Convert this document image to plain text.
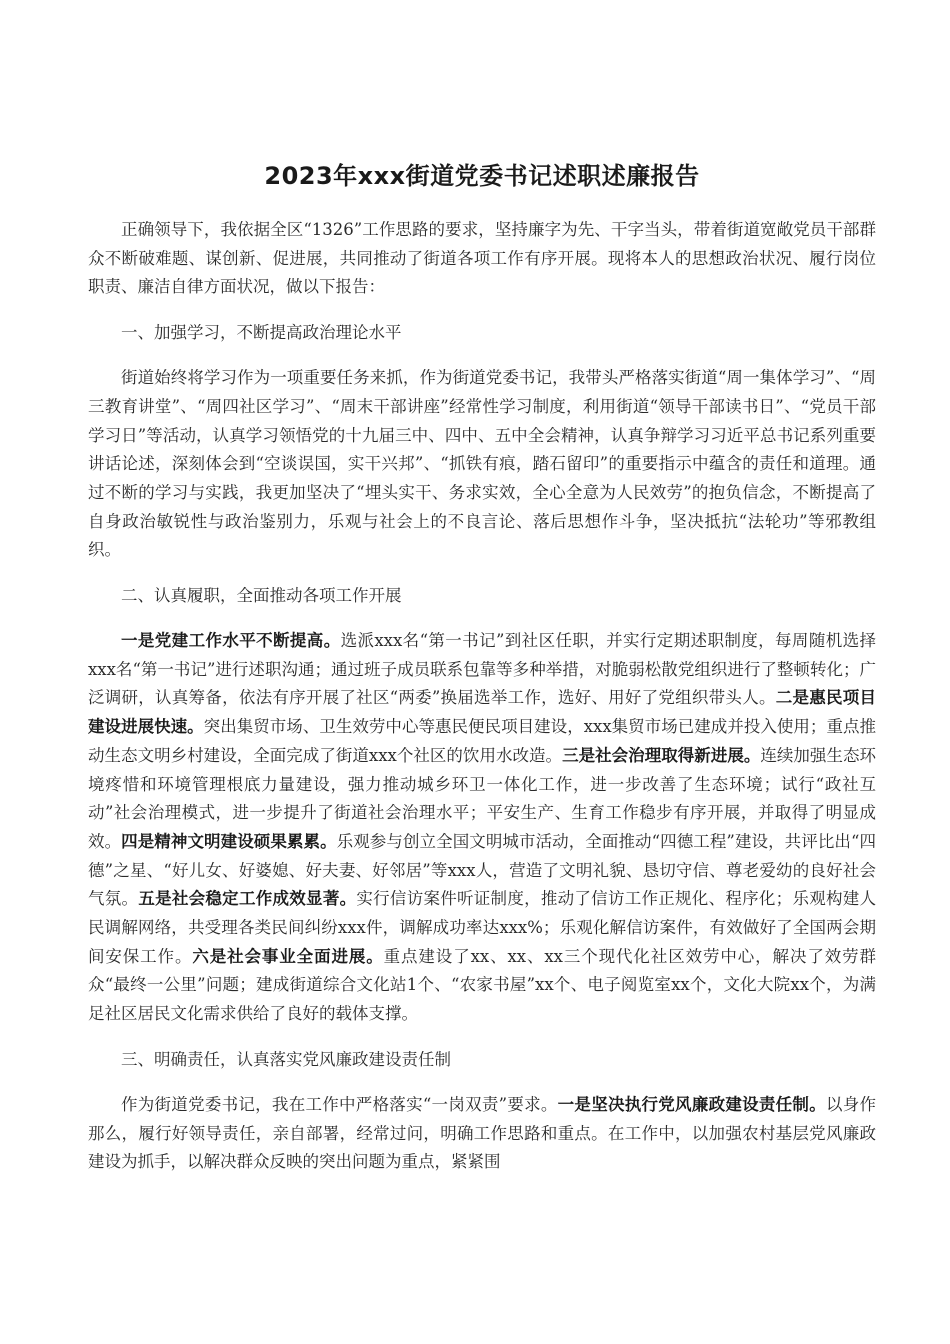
2023年xxx街道党委书记述职述廉报告

正确领导下，我依据全区“1326”工作思路的要求，坚持廉字为先、干字当头，带着街道宽敞党员干部群众不断破难题、谋创新、促进展，共同推动了街道各项工作有序开展。现将本人的思想政治状况、履行岗位职责、廉洁自律方面状况，做以下报告：

一、加强学习，不断提高政治理论水平

街道始终将学习作为一项重要任务来抓，作为街道党委书记，我带头严格落实街道“周一集体学习”、“周三教育讲堂”、“周四社区学习”、“周末干部讲座”经常性学习制度，利用街道“领导干部读书日”、“党员干部学习日”等活动，认真学习领悟党的十九届三中、四中、五中全会精神，认真争辩学习习近平总书记系列重要讲话论述，深刻体会到“空谈误国，实干兴邦”、“抓铁有痕，踏石留印”的重要指示中蕴含的责任和道理。通过不断的学习与实践，我更加坚决了“埋头实干、务求实效，全心全意为人民效劳”的抱负信念，不断提高了自身政治敏锐性与政治鉴别力，乐观与社会上的不良言论、落后思想作斗争，坚决抵抗“法轮功”等邪教组织。

二、认真履职，全面推动各项工作开展

一是党建工作水平不断提高。选派xxx名“第一书记”到社区任职，并实行定期述职制度，每周随机选择xxx名“第一书记”进行述职沟通；通过班子成员联系包靠等多种举措，对脆弱松散党组织进行了整顿转化；广泛调研，认真筹备，依法有序开展了社区“两委”换届选举工作，选好、用好了党组织带头人。二是惠民项目建设进展快速。突出集贸市场、卫生效劳中心等惠民便民项目建设，xxx集贸市场已建成并投入使用；重点推动生态文明乡村建设，全面完成了街道xxx个社区的饮用水改造。三是社会治理取得新进展。连续加强生态环境疼惜和环境管理根底力量建设，强力推动城乡环卫一体化工作，进一步改善了生态环境；试行“政社互动”社会治理模式，进一步提升了街道社会治理水平；平安生产、生育工作稳步有序开展，并取得了明显成效。四是精神文明建设硕果累累。乐观参与创立全国文明城市活动，全面推动“四德工程”建设，共评比出“四德”之星、“好儿女、好婆媳、好夫妻、好邻居”等xxx人，营造了文明礼貌、恳切守信、尊老爱幼的良好社会气氛。五是社会稳定工作成效显著。实行信访案件听证制度，推动了信访工作正规化、程序化；乐观构建人民调解网络，共受理各类民间纠纷xxx件，调解成功率达xxx%；乐观化解信访案件，有效做好了全国两会期间安保工作。六是社会事业全面进展。重点建设了xx、xx、xx三个现代化社区效劳中心，解决了效劳群众“最终一公里”问题；建成街道综合文化站1个、“农家书屋”xx个、电子阅览室xx个，文化大院xx个，为满足社区居民文化需求供给了良好的载体支撑。

三、明确责任，认真落实党风廉政建设责任制

作为街道党委书记，我在工作中严格落实“一岗双责”要求。一是坚决执行党风廉政建设责任制。以身作那么，履行好领导责任，亲自部署，经常过问，明确工作思路和重点。在工作中，以加强农村基层党风廉政建设为抓手，以解决群众反映的突出问题为重点，紧紧围
